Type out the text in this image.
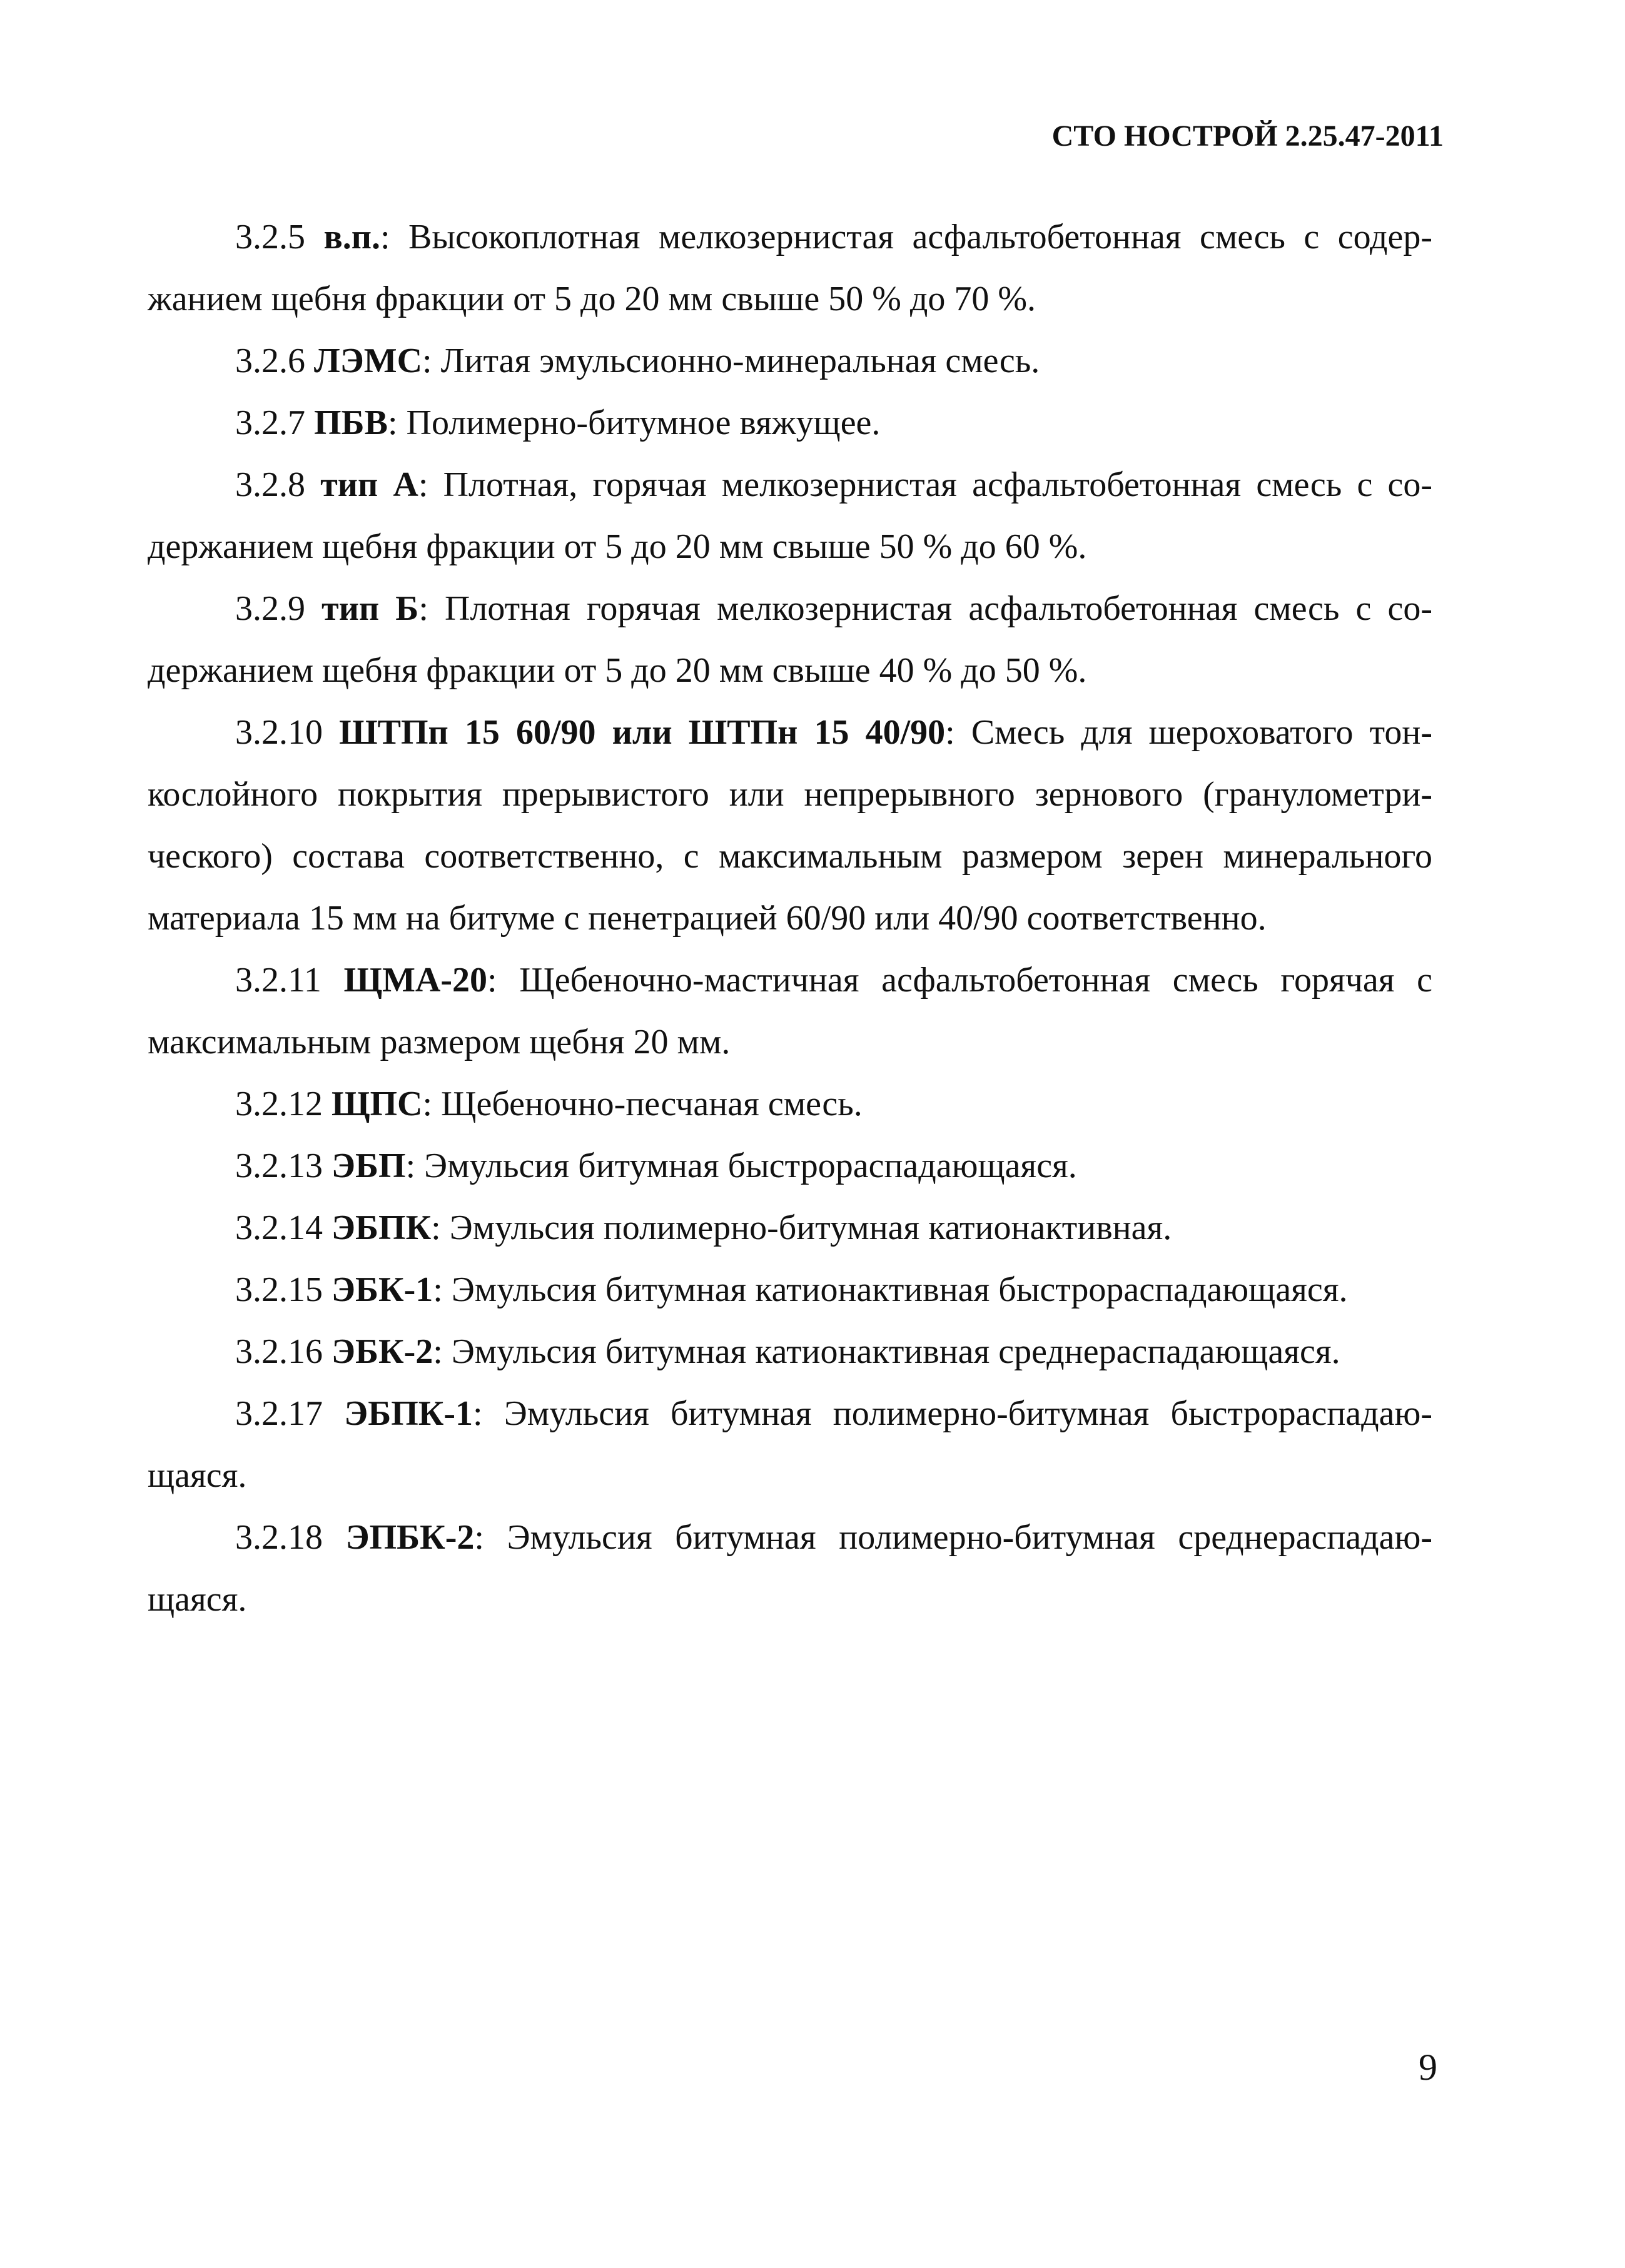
СТО НОСТРОЙ 2.25.47-2011

3.2.5 в.п.: Высокоплотная мелкозернистая асфальтобетонная смесь с содержанием щебня фракции от 5 до 20 мм свыше 50 % до 70 %.

3.2.6 ЛЭМС: Литая эмульсионно-минеральная смесь.

3.2.7 ПБВ: Полимерно-битумное вяжущее.

3.2.8 тип А: Плотная, горячая мелкозернистая асфальтобетонная смесь с содержанием щебня фракции от 5 до 20 мм свыше 50 % до 60 %.

3.2.9 тип Б: Плотная горячая мелкозернистая асфальтобетонная смесь с содержанием щебня фракции от 5 до 20 мм свыше 40 % до 50 %.

3.2.10 ШТПп 15 60/90 или ШТПн 15 40/90: Смесь для шероховатого тонкослойного покрытия прерывистого или непрерывного зернового (гранулометрического) состава соответственно, с максимальным размером зерен минерального материала 15 мм на битуме с пенетрацией 60/90 или 40/90 соответственно.

3.2.11 ЩМА-20: Щебеночно-мастичная асфальтобетонная смесь горячая с максимальным размером щебня 20 мм.

3.2.12 ЩПС: Щебеночно-песчаная смесь.

3.2.13 ЭБП: Эмульсия битумная быстрораспадающаяся.

3.2.14 ЭБПК: Эмульсия полимерно-битумная катионактивная.

3.2.15 ЭБК-1: Эмульсия битумная катионактивная быстрораспадающаяся.

3.2.16 ЭБК-2: Эмульсия битумная катионактивная среднераспадающаяся.

3.2.17 ЭБПК-1: Эмульсия битумная полимерно-битумная быстрораспадающаяся.

3.2.18 ЭПБК-2: Эмульсия битумная полимерно-битумная среднераспадающаяся.

9
